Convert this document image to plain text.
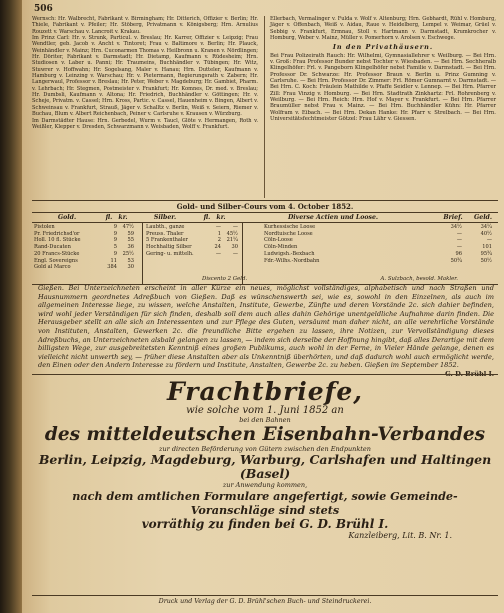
506

Wernsch: Hr. Walbrecht, Fabrikant v. Birmingham; Hr. Ditterich, Offizier v. Berlin; Hr. Thiele, Fabrikant v. Pfeiler; Hr. Stöberg, Privatmann v. Königsberg; Hrn. Arnulius Rouzett v. Warschau v. Lancroit v. Krakau.

Im Prinz Carl: Hr. v. Strunk, Particul. v. Breslau; Hr. Karrer, Offizier v. Leipzig; Frau Wendtler, geb. Jacob v. Ancht v. Tintoret; Frau v. Baltimore v. Berlin; Hr. Plauck, Weinhändler v. Mainz; Hrn. Cuconarmen Thomas v. Heilbronn u. Kranen v. Nördlingen; Hr. Döriter, Fabrikant v. Darmstadt; Hr. Dietamp, Kaufmann v. Rüdesheim; Hrn. Studiosen v. Laber u. Panni; Hr. Traumeins, Buchhändler v. Tübingen; Hr. Witz, Stuwrer v. Hoffwahn; Hr. Sogelsang, Maler v. Hanau; Hrn. Dutteler, Kaufmann v. Hamburg v. Leinzing v. Warschau; Hr. v. Pietermann, Regierungsrath v. Zabern; Hr. Langerwaul, Professor v. Breslau; Hr. Peter, Weber v. Magdeburg; Hr. Gambiet, Pharm. v. Lehrbach; Hr. Stegmen, Postmeister v. Frankfurt; Hr. Komnes, Dr. med. v. Breslau; Hr. Dumbsli, Kaufmann v. Altona; Hr. Friedrich, Buchhändler v. Göttingen; Hr. v. Scheje, Privatm. v. Cassel; Hrn. Kross, Partic. v. Cassel, Hauenheim v. Bingen, Albert v. Schweinsau v. Frankfurt, Strauß, Jäger v. Schalltz v. Berlin, Weiß v. Seiern, Riemer v. Buchau, Blum v. Albert Reichenbach, Peiner v. Carlsruhe v. Krausen v. Würzburg.

Im Darmstädter Hause: Hrn. Gerbedel, Wurm v. Taucl, Glöte v. Hermangen, Roth v. Weißler, Klepper v. Dresden, Schwarzmann v. Weisbaden, Wolff v. Frankfurt.

Ellerbach, Vermalinger v. Fulda v. Wolf v. Altenburg; Hrn. Gebhardt, Rühl v. Homburg, Jäger v. Offenbach, Weiß v. Aidau, Raue v. Heidelberg, Lempel v. Weimar, Grüel v. Sebbig v. Frankfurt, Ermnau, Stoll v. Hartmann v. Darmstadt, Krumkrocher v. Homburg, Weber v. Mainz, Müller v. Pomerhorn v. Arolsen v. Eschwege.

In den Privathäusern.

Bei Frau Polizeirath Rauch: Hr. Wilhelmi, Gymnasiallehrer v. Weilburg. — Bei Hrn. v. Groß: Frau Professor Bunder nebst Tochter v. Wiesbaden. — Bei Hrn. Sechheralb Klingelhöfer: Frl. v. Pangeborn Klingelhöfer nebst Familie v. Darmstadt. — Bei Hrn. Professor Dr. Schwarze: Hr. Professor Braun v. Berlin u. Prinz Gumning v. Carlsruhe. — Bei Hrn. Professor Dr. Zimmer: Frl. Römer Gumnarnt v. Darmstadt. — Bei Hrn. C. Koch: Fräulein Mathilde v. Pfaffe Seidler v. Lennep. — Bei Hrn. Pfarrer Zill: Frau Vinzig v. Homburg. — Bei Hrn. Stadtrath Zinkhartz: Frl. Rohrenberg v. Weilburg. — Bei Hrn. Reich: Hrn. Hof v. Mayer v. Frankfurt. — Bei Hrn. Pfarrer Braumüller nebst Frau v. Mainz. — Bei Hrn. Buchhändler Kühn: Hr. Pfarrer Wolfram v. Eibach. — Bei Hrn. Dekan Hanke: Hr. Pfarr v. Strelbach. — Bei Hrn. Universitätsfechtmeister Götzel: Frau Lähr v. Giessen.

Gold- und Silber-Cours vom 4. October 1852.
Gold.	fl. kr.	Silber.	fl. kr.	Diverse Actien und Loose.	Brief.	Geld.
Pistolen	9	47½
Pr. Friedrichsd'or	9	59
Holl. 10 fl. Stücke	9	55
Rand-Ducaten	5	36
20 Francs-Stücke	9	25½
Engl. Sovereigns	11	53
Gold al Marco	384	30
Laubth., ganze	—	—
Preuss. Thaler	1	45½
5 Frankenthaler	2	21¼
Hochhaltig Silber	24	30
Gering- u. mittelh.	—	—
Kurhessische Loose	34½	34¼
Nordtuische Loose	—	40½
Cöln-Loose	—	—
Cöln-Minden	—	101
Ludwigsh.-Bexbach	96	95¾
Fdr.-Wilhs.-Nordbahn	50¾	50½
Discento 2 Geld.	A. Sulzbach, besold. Makler.
Gießen. Bei Unterzeichneten erscheint in aller Kürze ein neues, möglichst vollständiges, alphabetisch und nach Straßen und Hausnummern geordnetes Adreßbuch von Gießen. Daß es wünschenswerth sei, wie es, sowohl in den Einzelnen, als auch im allgemeinen Interesse liege, zu wissen, welche Anstalten, Institute, Gewerbe, Zünfte und deren Vorstände 2c. sich dahier befinden, wird wohl jeder Verständigen für sich finden, deshalb soll dem auch alles dahin Gehörige unentgeldliche Aufnahme darin finden. Die Herausgeber stellt an alle sich an Interessenten und zur Pflege des Guten, versäumt man daher nicht, an alle verehrliche Vorstände von Instituten, Anstalten, Gewerken 2c. die freundliche Bitte ergehen zu lassen, ihre Notizen, zur Vervollständigung dieses Adreßbuchs, an Unterzeichneten alsbald gelangen zu lassen, — indem sich derselbe der Hoffnung hingibt, daß alles Derartige mit dem billigsten Wege, zur ausgebreitetsten Kenntniß eines großen Publikums, auch wohl in der Ferne, in Vieler Hände gelange, denen es vielleicht nicht unwerth sey, — früher diese Anstalten aber als Unkenntniß überhörten, und daß dadurch wohl auch ermöglicht werde, den Einen oder den Andern Interesse zu fördern und Institute, Anstalten, Gewerbe 2c. zu heben. Gießen im September 1852.
Frachtbriefe,
wie solche vom 1. Juni 1852 an
bei den Bahnen
des mitteldeutschen Eisenbahn-Verbandes
zur directen Beförderung von Gütern zwischen den Endpunkten
Berlin, Leipzig, Magdeburg, Warburg, Carlshafen und Haltingen (Basel)
zur Anwendung kommen,
nach dem amtlichen Formulare angefertigt, sowie Gemeinde-Voranschläge sind stets
vorräthig zu finden bei G. D. Brühl I.
Kanzleiberg, Lit. B. Nr. 1.
Druck und Verlag der G. D. Brühl'schen Buch- und Steindruckerei.
